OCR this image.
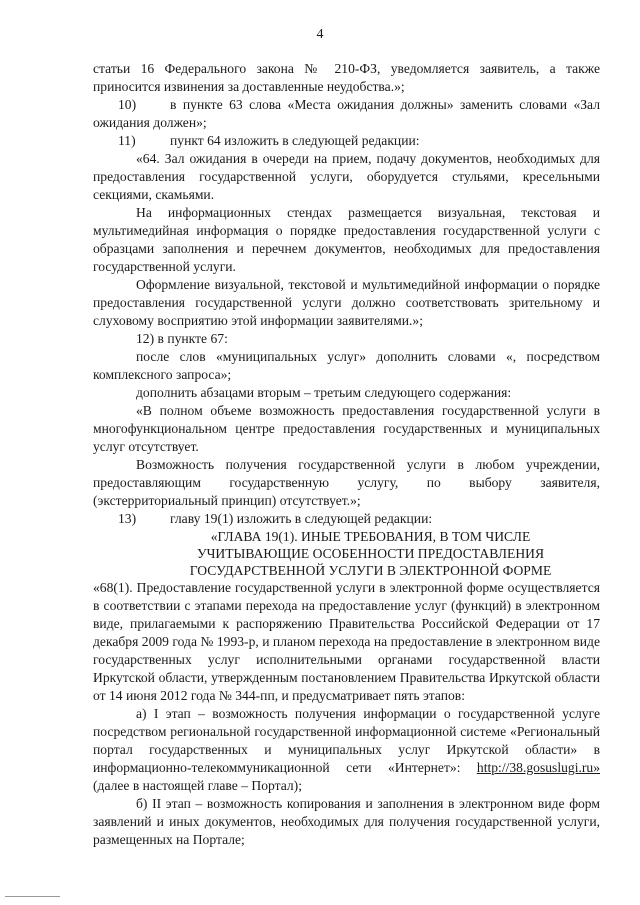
4

статьи 16 Федерального закона № 210-ФЗ, уведомляется заявитель, а также приносится извинения за доставленные неудобства.»;

10) в пункте 63 слова «Места ожидания должны» заменить словами «Зал ожидания должен»;

11)	пункт 64 изложить в следующей редакции:

«64. Зал ожидания в очереди на прием, подачу документов, необходимых для предоставления государственной услуги, оборудуется стульями, кресельными секциями, скамьями.

На информационных стендах размещается визуальная, текстовая и мультимедийная информация о порядке предоставления государственной услуги с образцами заполнения и перечнем документов, необходимых для предоставления государственной услуги.

Оформление визуальной, текстовой и мультимедийной информации о порядке предоставления государственной услуги должно соответствовать зрительному и слуховому восприятию этой информации заявителями.»;

12) в пункте 67:

после слов «муниципальных услуг» дополнить словами «, посредством комплексного запроса»;

дополнить абзацами вторым – третьим следующего содержания:

«В полном объеме возможность предоставления государственной услуги в многофункциональном центре предоставления государственных и муниципальных услуг отсутствует.

Возможность получения государственной услуги в любом учреждении, предоставляющим государственную услугу, по выбору заявителя, (экстерриториальный принцип) отсутствует.»;

13) главу 19(1) изложить в следующей редакции:

«ГЛАВА 19(1). ИНЫЕ ТРЕБОВАНИЯ, В ТОМ ЧИСЛЕ

УЧИТЫВАЮЩИЕ ОСОБЕННОСТИ ПРЕДОСТАВЛЕНИЯ

ГОСУДАРСТВЕННОЙ УСЛУГИ В ЭЛЕКТРОННОЙ ФОРМЕ

«68(1). Предоставление государственной услуги в электронной форме осуществляется в соответствии с этапами перехода на предоставление услуг (функций) в электронном виде, прилагаемыми к распоряжению Правительства Российской Федерации от 17 декабря 2009 года № 1993-р, и планом перехода на предоставление в электронном виде государственных услуг исполнительными органами государственной власти Иркутской области, утвержденным постановлением Правительства Иркутской области от 14 июня 2012 года № 344-пп, и предусматривает пять этапов:

а) I этап – возможность получения информации о государственной услуге посредством региональной государственной информационной системе «Региональный портал государственных и муниципальных услуг Иркутской области» в информационно-телекоммуникационной сети «Интернет»: http://38.gosuslugi.ru» (далее в настоящей главе – Портал);

б) II этап – возможность копирования и заполнения в электронном виде форм заявлений и иных документов, необходимых для получения государственной услуги, размещенных на Портале;
